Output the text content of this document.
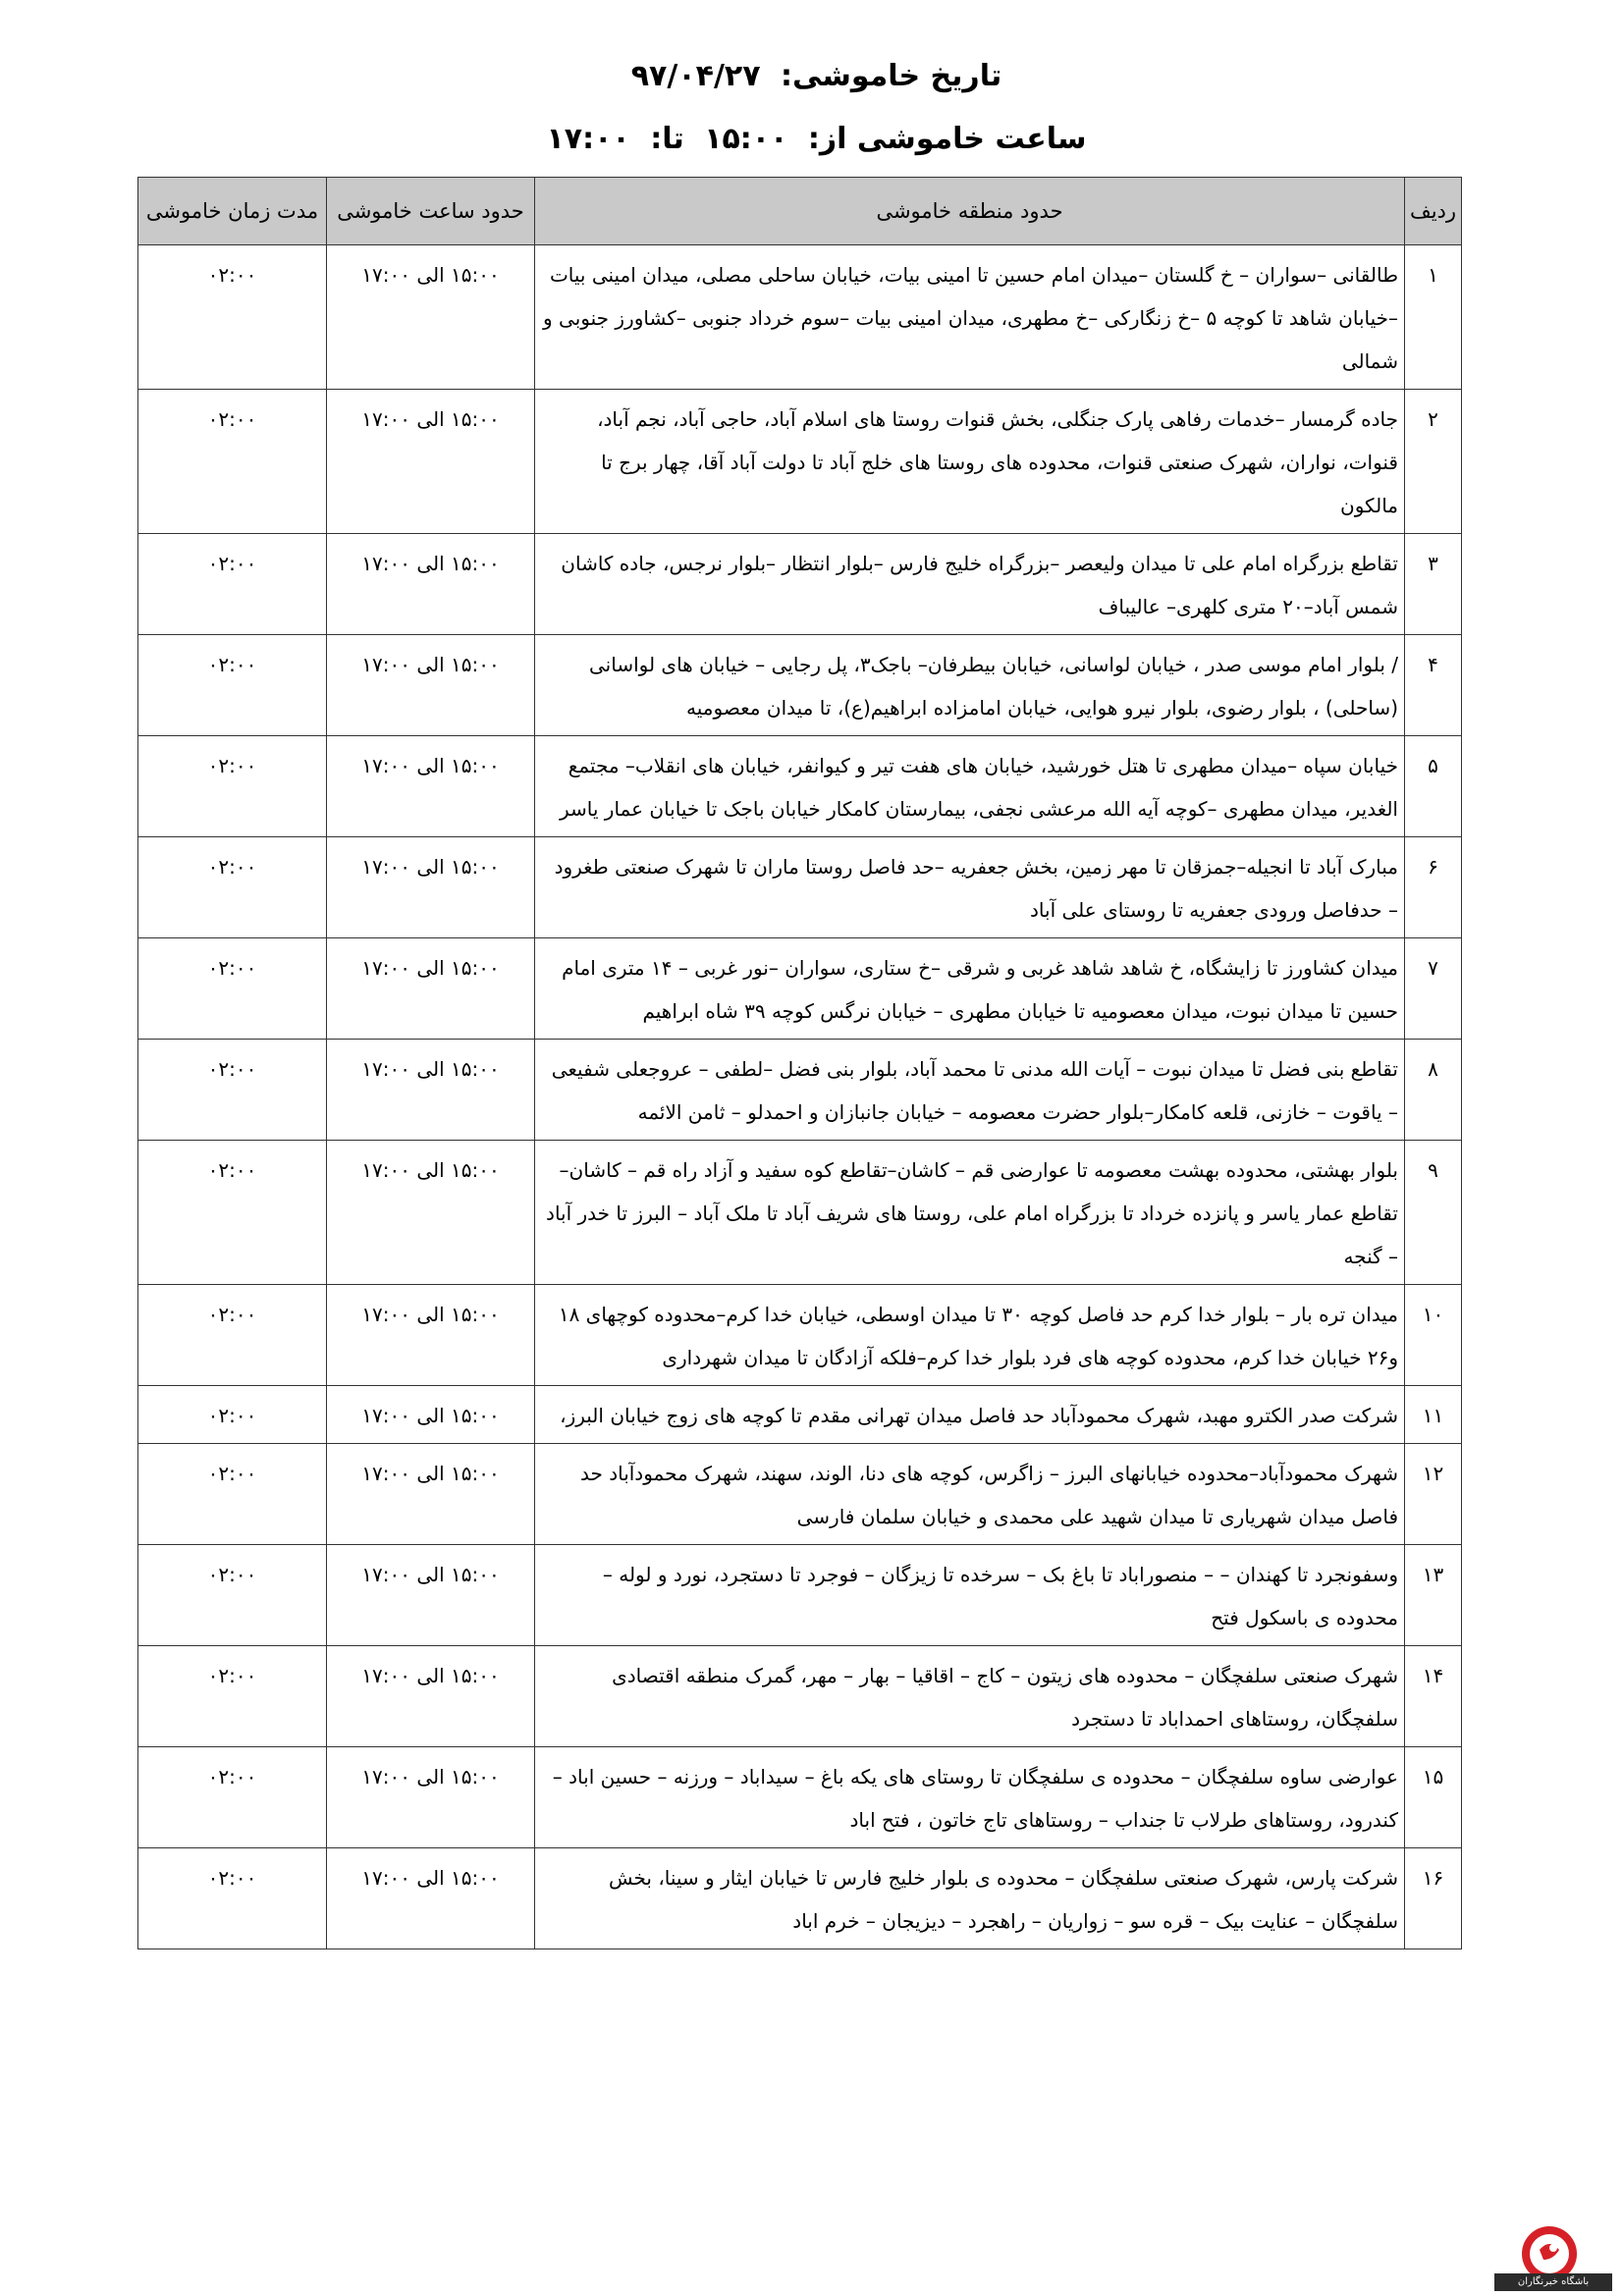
تاریخ خاموشی: ۹۷/۰۴/۲۷
ساعت خاموشی از: ۱۵:۰۰ تا: ۱۷:۰۰
ردیف	حدود منطقه خاموشی	حدود ساعت خاموشی	مدت زمان خاموشی
۱	طالقانی –سواران – خ گلستان –میدان امام حسین تا امینی بیات، خیابان ساحلی مصلی، میدان امینی بیات –خیابان شاهد تا کوچه ۵ –خ زنگارکی –خ مطهری، میدان امینی بیات –سوم خرداد جنوبی –کشاورز جنوبی و شمالی	۱۵:۰۰ الی ۱۷:۰۰	۰۲:۰۰
۲	جاده گرمسار –خدمات رفاهی پارک جنگلی، بخش قنوات روستا های اسلام آباد، حاجی آباد، نجم آباد، قنوات، نواران، شهرک صنعتی قنوات، محدوده های روستا های خلج آباد تا دولت آباد آقا، چهار برج تا مالکون	۱۵:۰۰ الی ۱۷:۰۰	۰۲:۰۰
۳	تقاطع بزرگراه امام علی تا میدان ولیعصر –بزرگراه خلیج فارس –بلوار انتظار –بلوار نرجس، جاده کاشان شمس آباد–۲۰ متری کلهری– عالیباف	۱۵:۰۰ الی ۱۷:۰۰	۰۲:۰۰
۴	/ بلوار امام موسی صدر ، خیابان لواسانی، خیابان بیطرفان– باجک۳، پل رجایی – خیابان های لواسانی (ساحلی) ، بلوار رضوی، بلوار نیرو هوایی، خیابان امامزاده ابراهیم(ع)، تا میدان معصومیه	۱۵:۰۰ الی ۱۷:۰۰	۰۲:۰۰
۵	خیابان سپاه –میدان مطهری تا هتل خورشید، خیابان های هفت تیر و کیوانفر، خیابان های انقلاب– مجتمع الغدیر، میدان مطهری –کوچه آیه الله مرعشی نجفی، بیمارستان کامکار خیابان باجک تا خیابان عمار یاسر	۱۵:۰۰ الی ۱۷:۰۰	۰۲:۰۰
۶	مبارک آباد تا انجیله–جمزقان تا مهر زمین، بخش جعفریه –حد فاصل روستا ماران تا شهرک صنعتی طغرود – حدفاصل ورودی جعفریه تا روستای علی آباد	۱۵:۰۰ الی ۱۷:۰۰	۰۲:۰۰
۷	میدان کشاورز تا زایشگاه، خ شاهد شاهد غربی و شرقی –خ ستاری، سواران –نور غربی – ۱۴ متری امام حسین تا میدان نبوت، میدان معصومیه تا خیابان مطهری – خیابان نرگس کوچه ۳۹ شاه ابراهیم	۱۵:۰۰ الی ۱۷:۰۰	۰۲:۰۰
۸	تقاطع بنی فضل تا میدان نبوت – آیات الله مدنی تا محمد آباد، بلوار بنی فضل –لطفی – عروجعلی شفیعی – یاقوت – خازنی، قلعه کامکار–بلوار حضرت معصومه – خیابان جانبازان و احمدلو – ثامن الائمه	۱۵:۰۰ الی ۱۷:۰۰	۰۲:۰۰
۹	بلوار بهشتی، محدوده بهشت معصومه تا عوارضی قم – کاشان–تقاطع کوه سفید و آزاد راه قم – کاشان–تقاطع عمار یاسر و پانزده خرداد تا بزرگراه امام علی، روستا های شریف آباد تا ملک آباد – البرز تا خدر آباد – گنجه	۱۵:۰۰ الی ۱۷:۰۰	۰۲:۰۰
۱۰	میدان تره بار – بلوار خدا کرم حد فاصل کوچه ۳۰ تا میدان اوسطی، خیابان خدا کرم–محدوده کوچهای ۱۸ و۲۶ خیابان خدا کرم، محدوده کوچه های فرد بلوار خدا کرم–فلکه آزادگان تا میدان شهرداری	۱۵:۰۰ الی ۱۷:۰۰	۰۲:۰۰
۱۱	شرکت صدر الکترو مهبد، شهرک محمودآباد حد فاصل میدان تهرانی مقدم تا کوچه های زوج خیابان البرز،	۱۵:۰۰ الی ۱۷:۰۰	۰۲:۰۰
۱۲	شهرک محمودآباد–محدوده خیابانهای البرز – زاگرس، کوچه های دنا، الوند، سهند، شهرک محمودآباد حد فاصل میدان شهریاری تا میدان شهید علی محمدی و خیابان سلمان فارسی	۱۵:۰۰ الی ۱۷:۰۰	۰۲:۰۰
۱۳	وسفونجرد تا کهندان – – منصوراباد تا باغ بک – سرخده تا زیزگان – فوجرد تا دستجرد، نورد و لوله – محدوده ی باسکول فتح	۱۵:۰۰ الی ۱۷:۰۰	۰۲:۰۰
۱۴	شهرک صنعتی سلفچگان – محدوده های زیتون – کاج – اقاقیا – بهار – مهر، گمرک منطقه اقتصادی سلفچگان، روستاهای احمداباد تا دستجرد	۱۵:۰۰ الی ۱۷:۰۰	۰۲:۰۰
۱۵	عوارضی ساوه سلفچگان – محدوده ی سلفچگان تا روستای های یکه باغ – سیداباد – ورزنه – حسین اباد – کندرود، روستاهای طرلاب تا جنداب – روستاهای تاج خاتون ، فتح اباد	۱۵:۰۰ الی ۱۷:۰۰	۰۲:۰۰
۱۶	شرکت پارس، شهرک صنعتی سلفچگان – محدوده ی بلوار خلیج فارس تا خیابان ایثار و سینا، بخش سلفچگان – عنایت بیک – قره سو – زواریان – راهجرد – دیزیجان – خرم اباد	۱۵:۰۰ الی ۱۷:۰۰	۰۲:۰۰
باشگاه خبرنگاران
